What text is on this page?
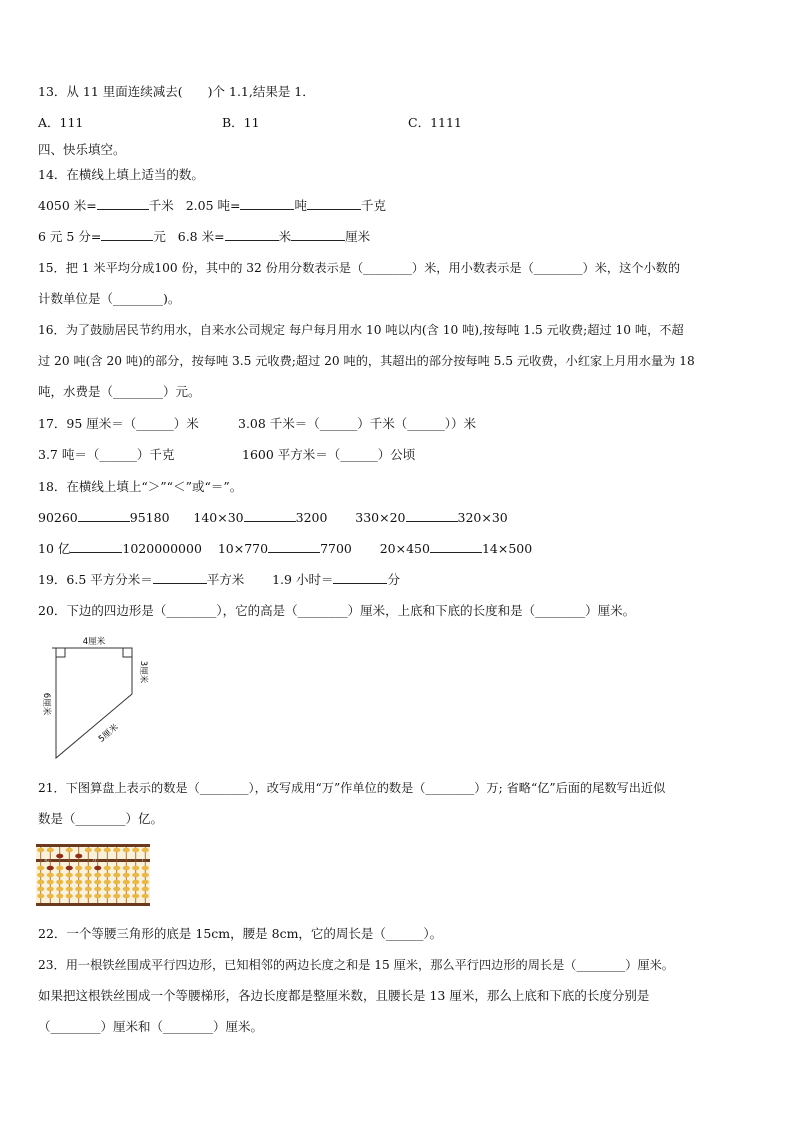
13．从 11 里面连续减去(　　)个 1.1,结果是 1．
A．111	B．11	C．1111
四、快乐填空。
14．在横线上填上适当的数。
4050 米=	千米 2.05 吨=	吨	千克
6 元 5 分=	元 6.8 米=	米	厘米
15．把 1 米平均分成100 份，其中的 32 份用分数表示是（________）米，用小数表示是（________）米，这个小数的
计数单位是（________)。
16．为了鼓励居民节约用水，自来水公司规定 每户每月用水 10 吨以内(含 10 吨),按每吨 1.5 元收费;超过 10 吨，不超
过 20 吨(含 20 吨)的部分，按每吨 3.5 元收费;超过 20 吨的，其超出的部分按每吨 5.5 元收费，小红家上月用水量为 18
吨，水费是（________）元。
17．95 厘米＝（______）米	3.08 千米＝（______）千米（______））米
3.7 吨＝（______）千克	1600 平方米＝（______）公顷
18．在横线上填上“＞”“＜”或“＝”。
90260	95180 140×30	3200 330×20	320×30
10 亿	1020000000 10×770	7700 20×450	14×500
19．6.5 平方分米＝	平方米 1.9 小时＝	分
20．下边的四边形是（________），它的高是（________）厘米，上底和下底的长度和是（________）厘米。
4厘米
3厘米
6厘米
5厘米
21．下图算盘上表示的数是（________），改写成用“万”作单位的数是（________）万; 省略“亿”后面的尾数写出近似
数是（________）亿。
亿	万	个
22．一个等腰三角形的底是 15cm，腰是 8cm，它的周长是（______）。
23．用一根铁丝围成平行四边形，已知相邻的两边长度之和是 15 厘米，那么平行四边形的周长是（________）厘米。
如果把这根铁丝围成一个等腰梯形，各边长度都是整厘米数，且腰长是 13 厘米，那么上底和下底的长度分别是
（________）厘米和（________）厘米。
